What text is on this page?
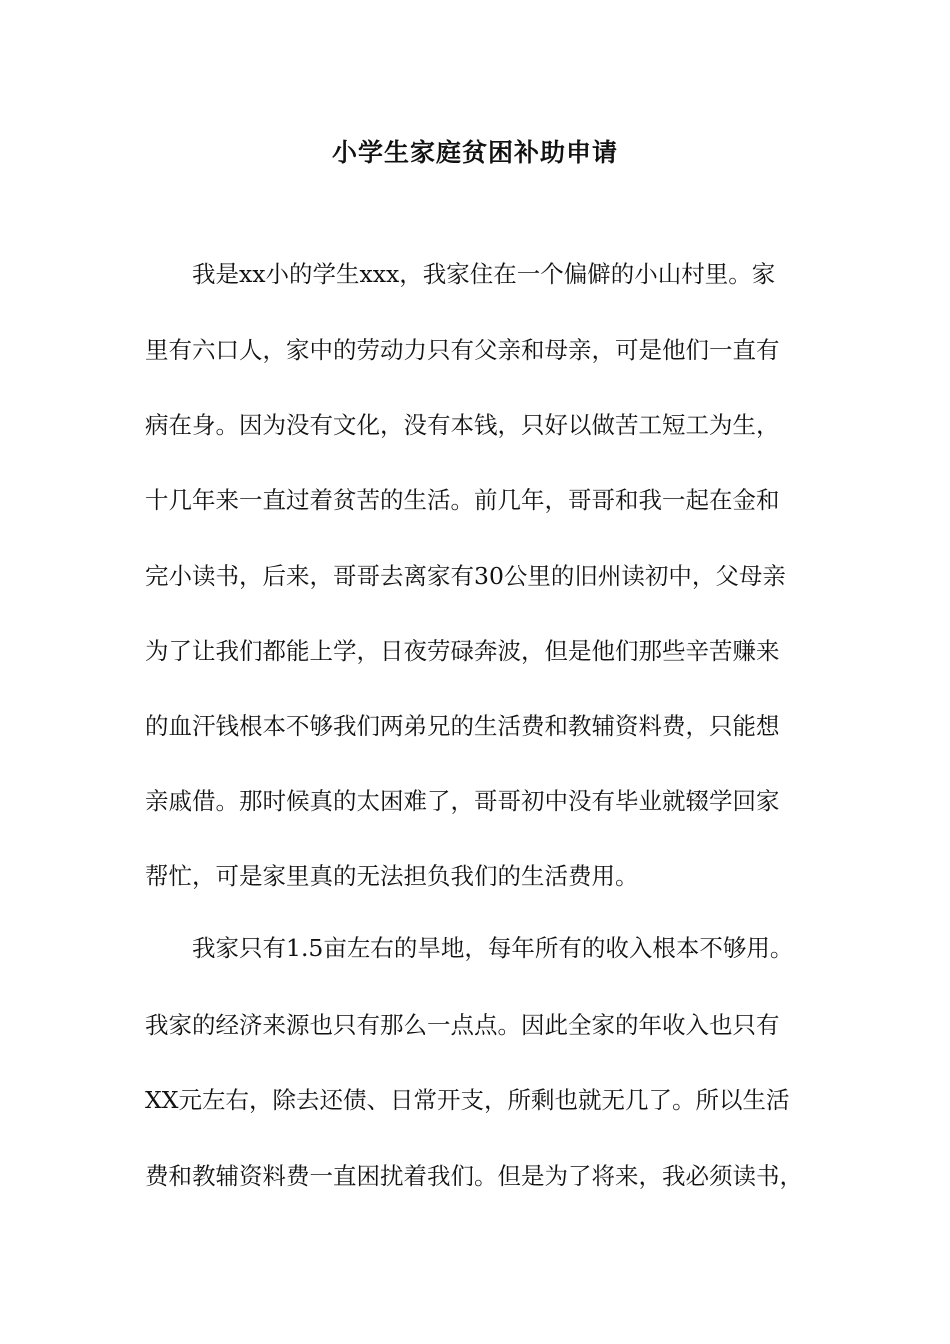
小学生家庭贫困补助申请
我是xx小的学生xxx，我家住在一个偏僻的小山村里。家
里有六口人，家中的劳动力只有父亲和母亲，可是他们一直有
病在身。因为没有文化，没有本钱，只好以做苦工短工为生，
十几年来一直过着贫苦的生活。前几年，哥哥和我一起在金和
完小读书，后来，哥哥去离家有30公里的旧州读初中，父母亲
为了让我们都能上学，日夜劳碌奔波，但是他们那些辛苦赚来
的血汗钱根本不够我们两弟兄的生活费和教辅资料费，只能想
亲戚借。那时候真的太困难了，哥哥初中没有毕业就辍学回家
帮忙，可是家里真的无法担负我们的生活费用。
我家只有1.5亩左右的旱地，每年所有的收入根本不够用。
我家的经济来源也只有那么一点点。因此全家的年收入也只有
XX元左右，除去还债、日常开支，所剩也就无几了。所以生活
费和教辅资料费一直困扰着我们。但是为了将来，我必须读书，
